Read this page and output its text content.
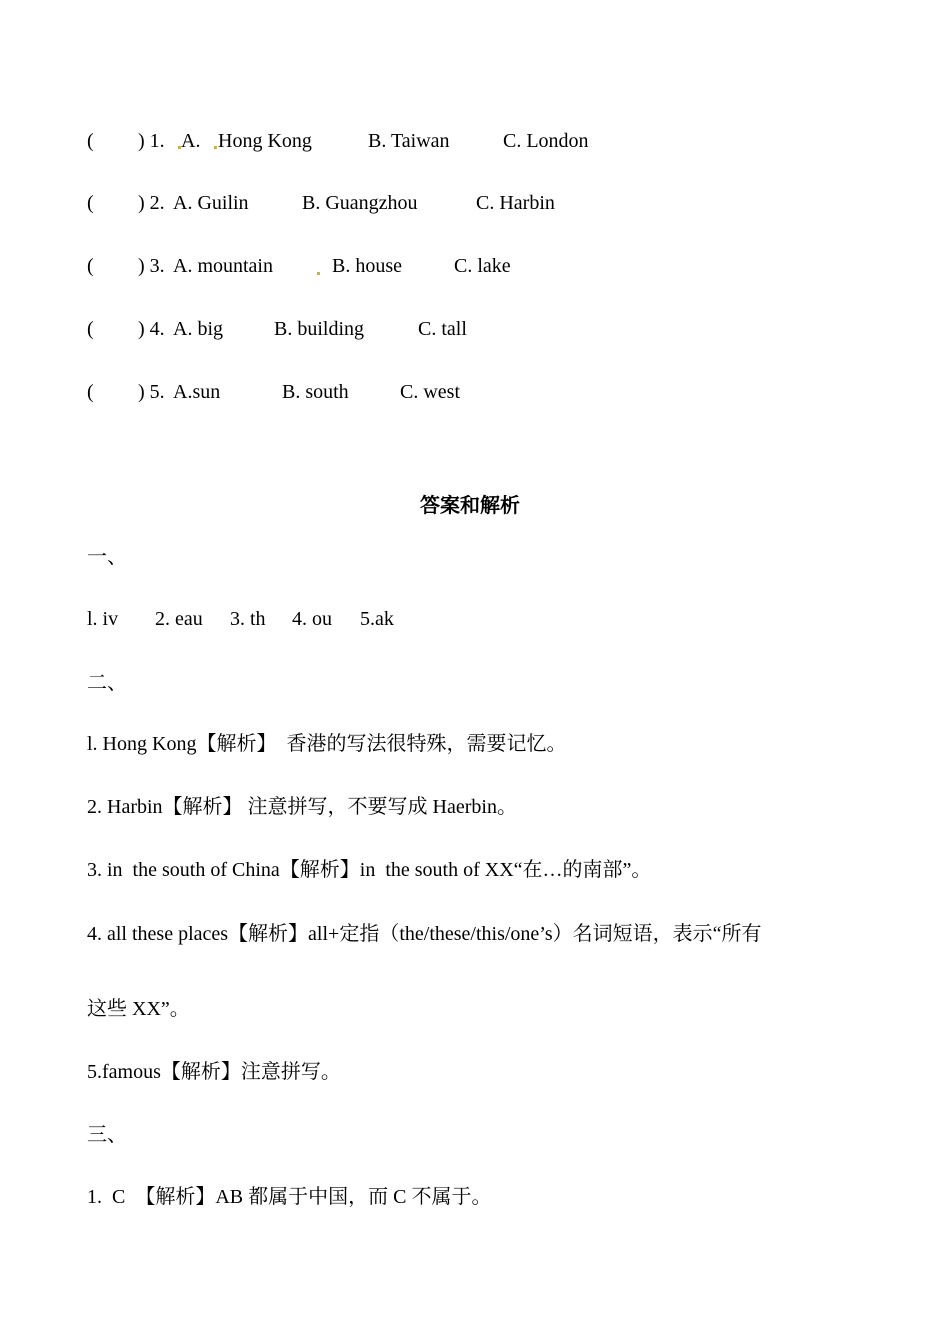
( ) 1. A. Hong Kong	B. Taiwan	C. London
( ) 2. A. Guilin	B. Guangzhou	C. Harbin
( ) 3. A. mountain	B. house	C. lake
( ) 4. A. big	B. building	C. tall
( ) 5. A.sun	B. south	C. west
答案和解析
一、
l. iv 2. eau 3. th 4. ou 5.ak
二、
l. Hong Kong【解析】　香港的写法很特殊，需要记忆。
2. Harbin【解析】 注意拼写，不要写成 Haerbin。
3. in  the south of China【解析】in  the south of XX“在…的南部”。
4. all these places【解析】all+定指（the/these/this/one’s）名词短语，表示“所有
这些 XX”。
5.famous【解析】注意拼写。
三、
1.  C  【解析】AB 都属于中国，而 C 不属于。
